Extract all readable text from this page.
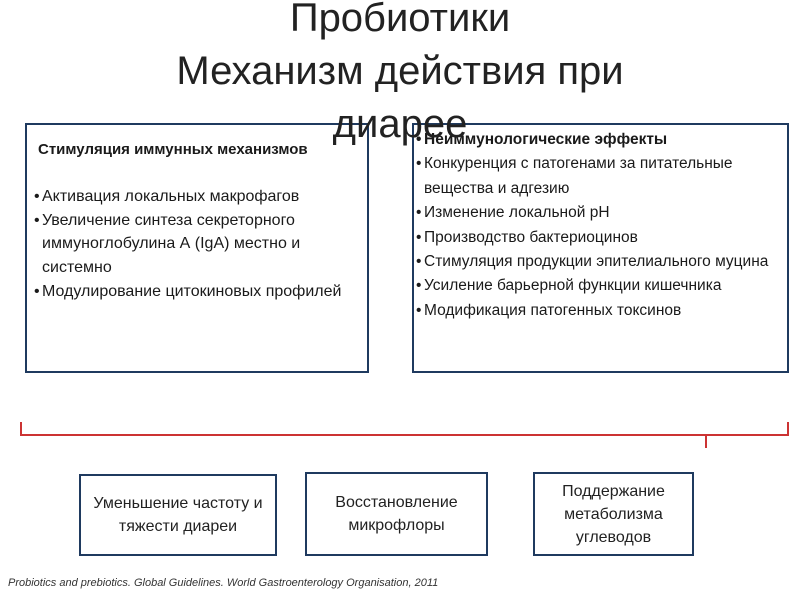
Пробиотики
Механизм действия при
диарее

Стимуляция иммунных механизмов

• Активация локальных макрофагов
• Увеличение синтеза секреторного иммуноглобулина А (IgA) местно и системно
• Модулирование цитокиновых профилей
• Неиммунологические эффекты
• Конкуренция с патогенами за питательные вещества и адгезию
• Изменение локальной pH
• Производство бактериоцинов
• Стимуляция продукции эпителиального муцина
• Усиление барьерной функции кишечника
• Модификация патогенных токсинов
Уменьшение частоту и тяжести диареи
Восстановление микрофлоры
Поддержание метаболизма углеводов
Probiotics and prebiotics. Global Guidelines. World Gastroenterology Organisation, 2011
